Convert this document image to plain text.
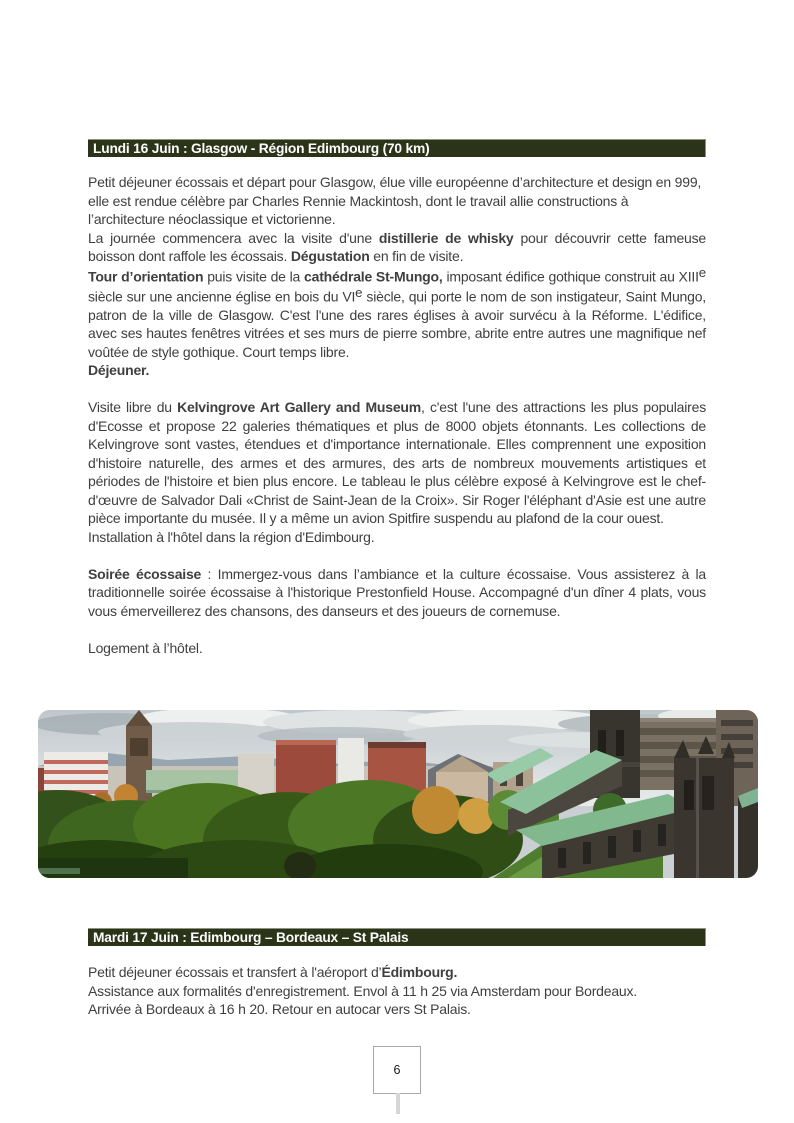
Lundi 16 Juin : Glasgow - Région Edimbourg (70 km)
Petit déjeuner écossais et départ pour Glasgow, élue ville européenne d’architecture et design en 999, elle est rendue célèbre par Charles Rennie Mackintosh, dont le travail allie constructions à l’architecture néoclassique et victorienne.
La journée commencera avec la visite d'une distillerie de whisky pour découvrir cette fameuse boisson dont raffole les écossais. Dégustation en fin de visite.
Tour d’orientation puis visite de la cathédrale St-Mungo, imposant édifice gothique construit au XIIIe siècle sur une ancienne église en bois du VIe siècle, qui porte le nom de son instigateur, Saint Mungo, patron de la ville de Glasgow. C'est l'une des rares églises à avoir survécu à la Réforme. L'édifice, avec ses hautes fenêtres vitrées et ses murs de pierre sombre, abrite entre autres une magnifique nef voûtée de style gothique. Court temps libre.
Déjeuner.
Visite libre du Kelvingrove Art Gallery and Museum, c'est l'une des attractions les plus populaires d'Ecosse et propose 22 galeries thématiques et plus de 8000 objets étonnants. Les collections de Kelvingrove sont vastes, étendues et d'importance internationale. Elles comprennent une exposition d'histoire naturelle, des armes et des armures, des arts de nombreux mouvements artistiques et périodes de l'histoire et bien plus encore. Le tableau le plus célèbre exposé à Kelvingrove est le chef-d'œuvre de Salvador Dali «Christ de Saint-Jean de la Croix». Sir Roger l'éléphant d'Asie est une autre pièce importante du musée. Il y a même un avion Spitfire suspendu au plafond de la cour ouest.
Installation à l'hôtel dans la région d'Edimbourg.
Soirée écossaise : Immergez-vous dans l’ambiance et la culture écossaise. Vous assisterez à la traditionnelle soirée écossaise à l'historique Prestonfield House. Accompagné d'un dîner 4 plats, vous vous émerveillerez des chansons, des danseurs et des joueurs de cornemuse.
Logement à l’hôtel.
Mardi 17 Juin : Edimbourg – Bordeaux – St Palais
Petit déjeuner écossais et transfert à l'aéroport d’Édimbourg.
Assistance aux formalités d'enregistrement. Envol à 11 h 25 via Amsterdam pour Bordeaux.
Arrivée à Bordeaux à 16 h 20. Retour en autocar vers St Palais.
6
